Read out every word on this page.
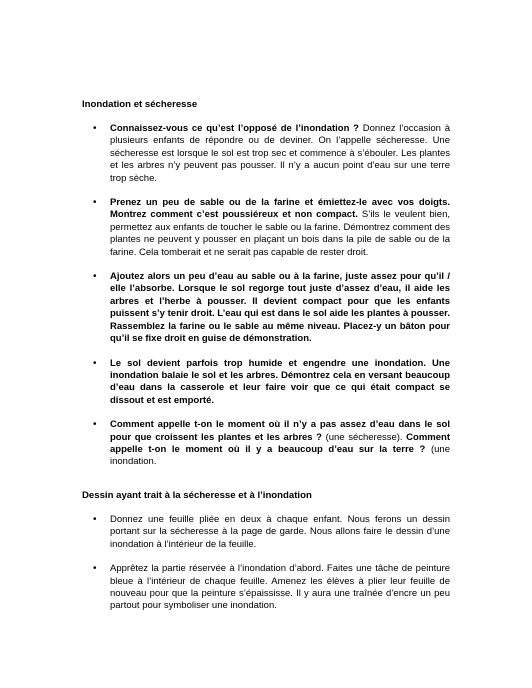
Inondation et sécheresse
• Connaissez-vous ce qu’est l’opposé de l’inondation ? Donnez l’occasion à plusieurs enfants de répondre ou de deviner. On l’appelle sécheresse. Une sécheresse est lorsque le sol est trop sec et commence à s’ébouler. Les plantes et les arbres n’y peuvent pas pousser. Il n’y a aucun point d’eau sur une terre trop sèche.
• Prenez un peu de sable ou de la farine et émiettez-le avec vos doigts. Montrez comment c’est poussiéreux et non compact. S’ils le veulent bien, permettez aux enfants de toucher le sable ou la farine. Démontrez comment des plantes ne peuvent y pousser en plaçant un bois dans la pile de sable ou de la farine. Cela tomberait et ne serait pas capable de rester droit.
• Ajoutez alors un peu d’eau au sable ou à la farine, juste assez pour qu’il / elle l’absorbe. Lorsque le sol regorge tout juste d’assez d’eau, il aide les arbres et l’herbe à pousser. Il devient compact pour que les enfants puissent s’y tenir droit. L’eau qui est dans le sol aide les plantes à pousser. Rassemblez la farine ou le sable au même niveau. Placez-y un bâton pour qu’il se fixe droit en guise de démonstration.
• Le sol devient parfois trop humide et engendre une inondation. Une inondation balaie le sol et les arbres. Démontrez cela en versant beaucoup d’eau dans la casserole et leur faire voir que ce qui était compact se dissout et est emporté.
• Comment appelle t-on le moment où il n’y a pas assez d’eau dans le sol pour que croissent les plantes et les arbres ? (une sécheresse). Comment appelle t-on le moment où il y a beaucoup d’eau sur la terre ? (une inondation.
Dessin ayant trait à la sécheresse et à l’inondation
• Donnez une feuille pliée en deux à chaque enfant. Nous ferons un dessin portant sur la sécheresse à la page de garde. Nous allons faire le dessin d’une inondation à l’intérieur de la feuille.
• Apprêtez la partie réservée à l’inondation d’abord. Faites une tâche de peinture bleue à l’intérieur de chaque feuille. Amenez les élèves à plier leur feuille de nouveau pour que la peinture s’épaississe. Il y aura une traînée d’encre un peu partout pour symboliser une inondation.
